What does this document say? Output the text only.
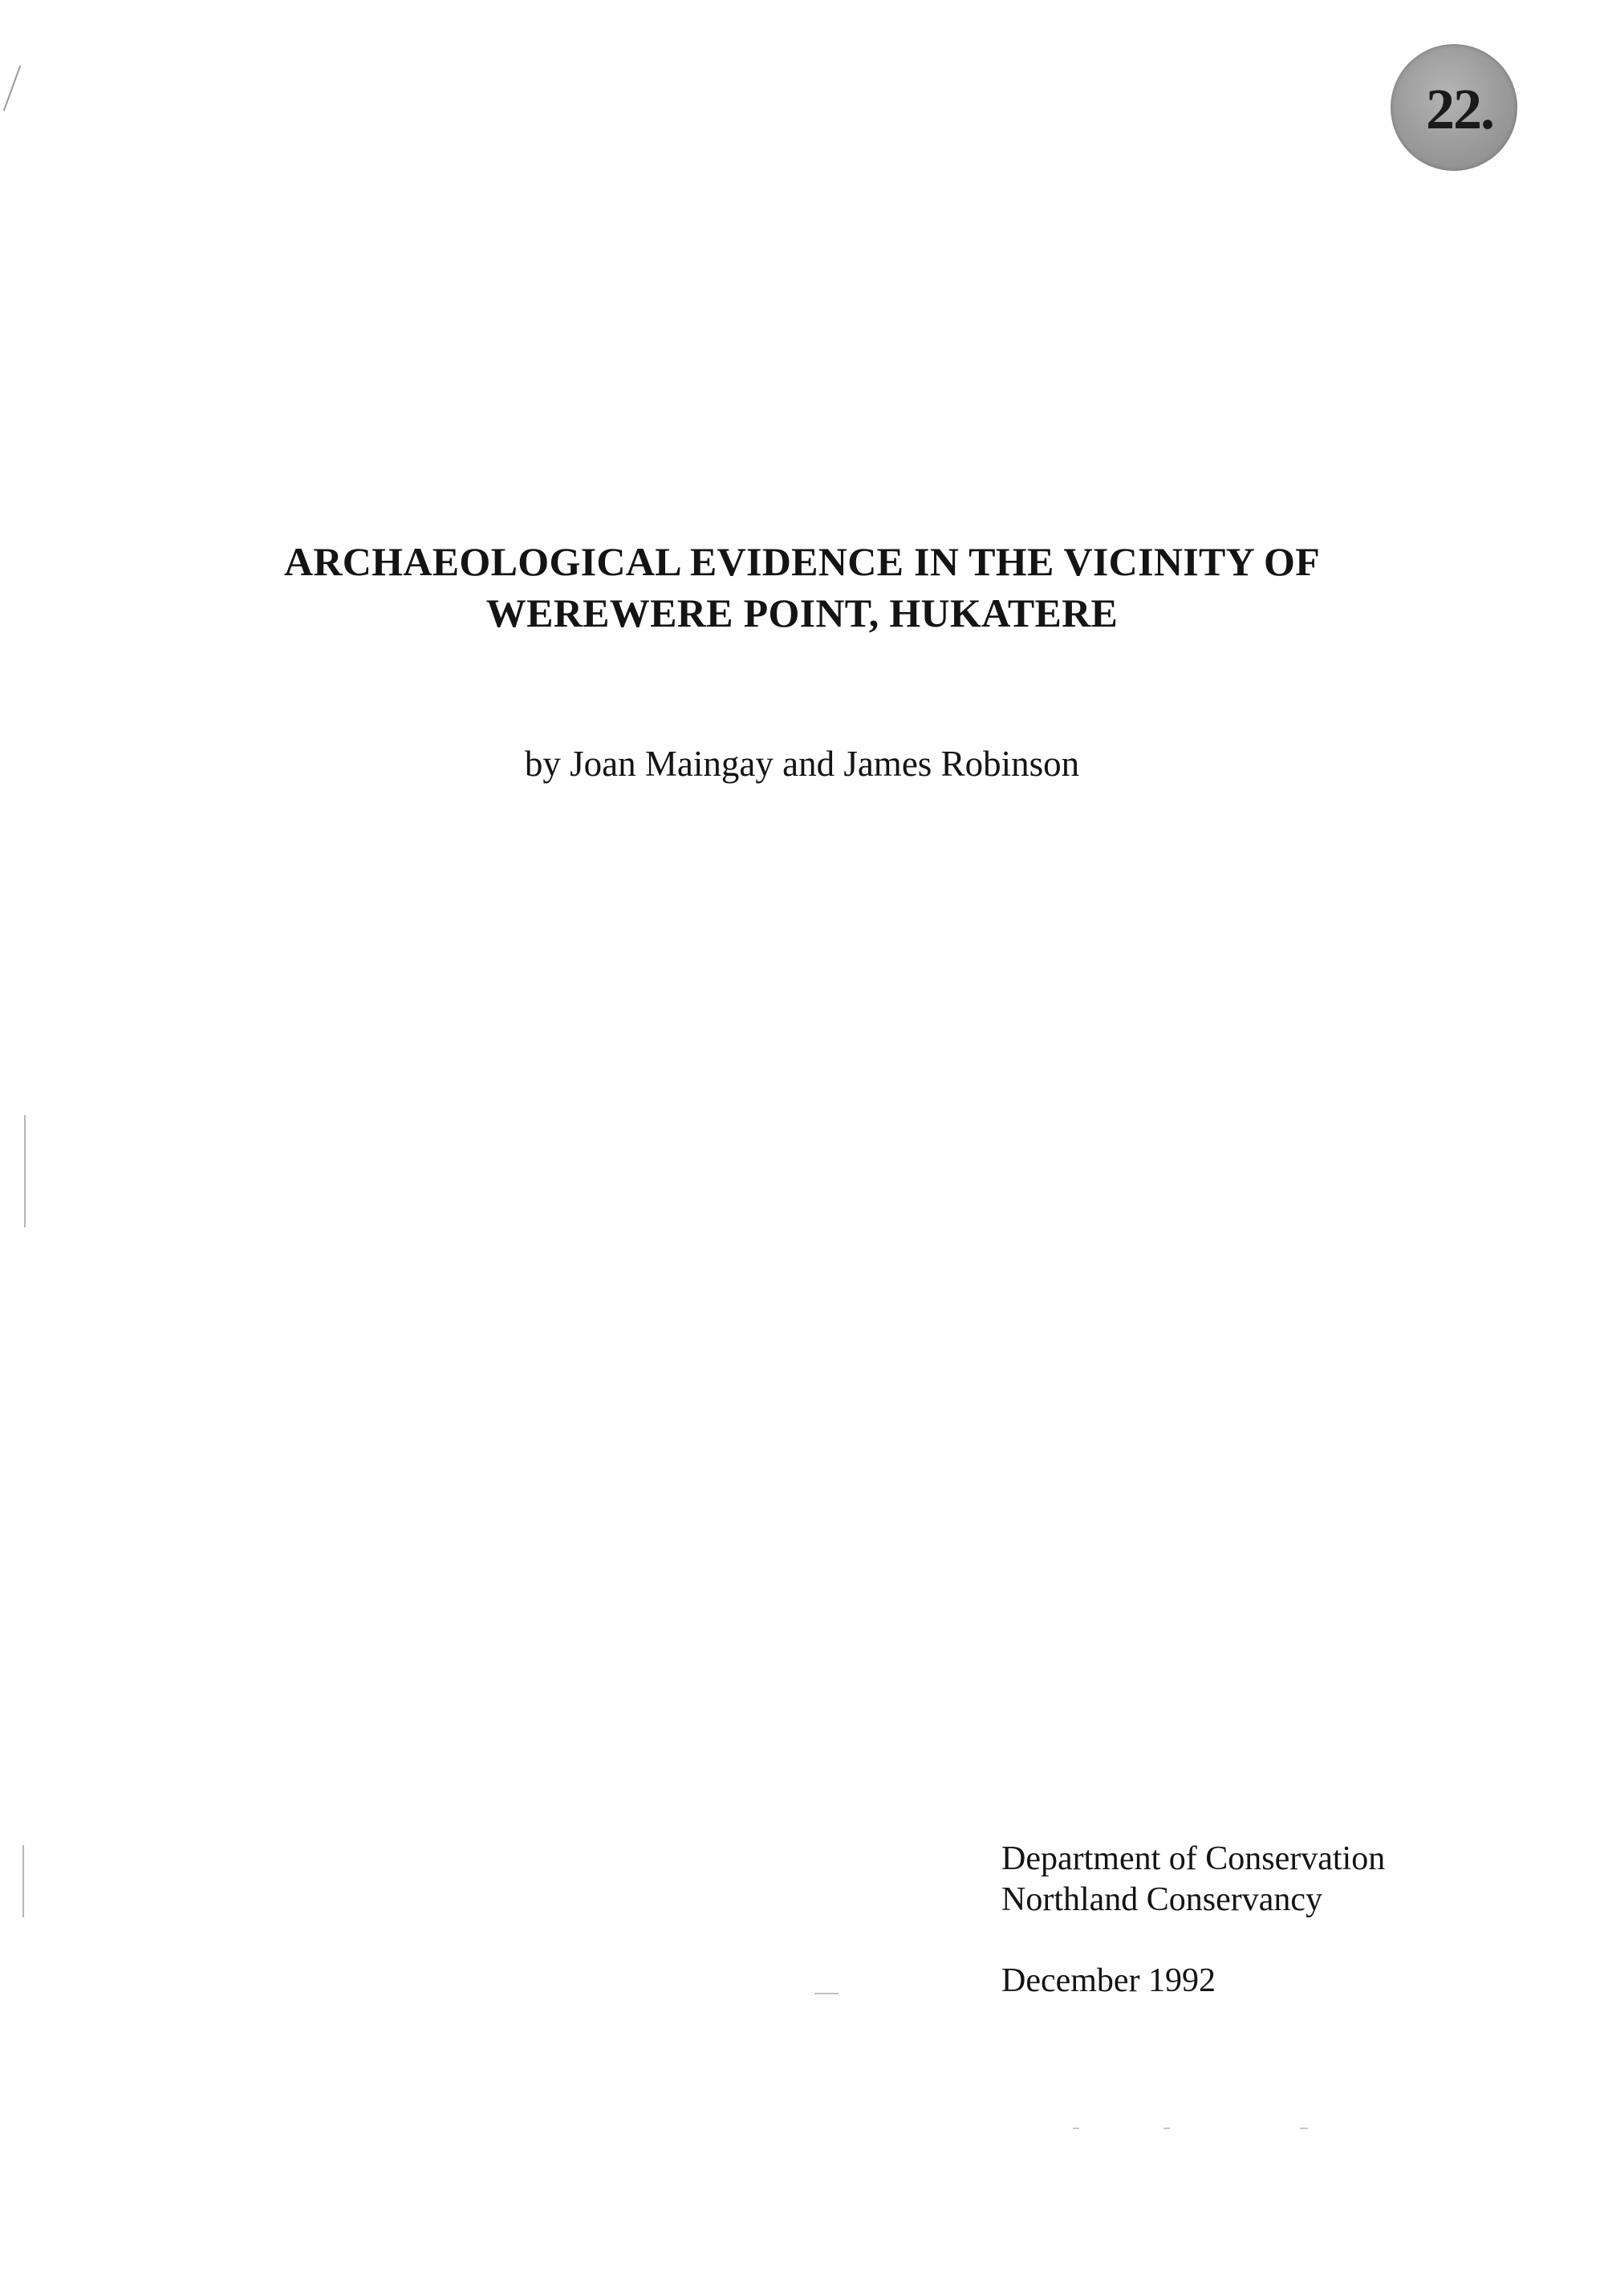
22.
ARCHAEOLOGICAL EVIDENCE IN THE VICINITY OF
WEREWERE POINT, HUKATERE
by Joan Maingay and James Robinson
Department of Conservation
Northland Conservancy
December 1992
